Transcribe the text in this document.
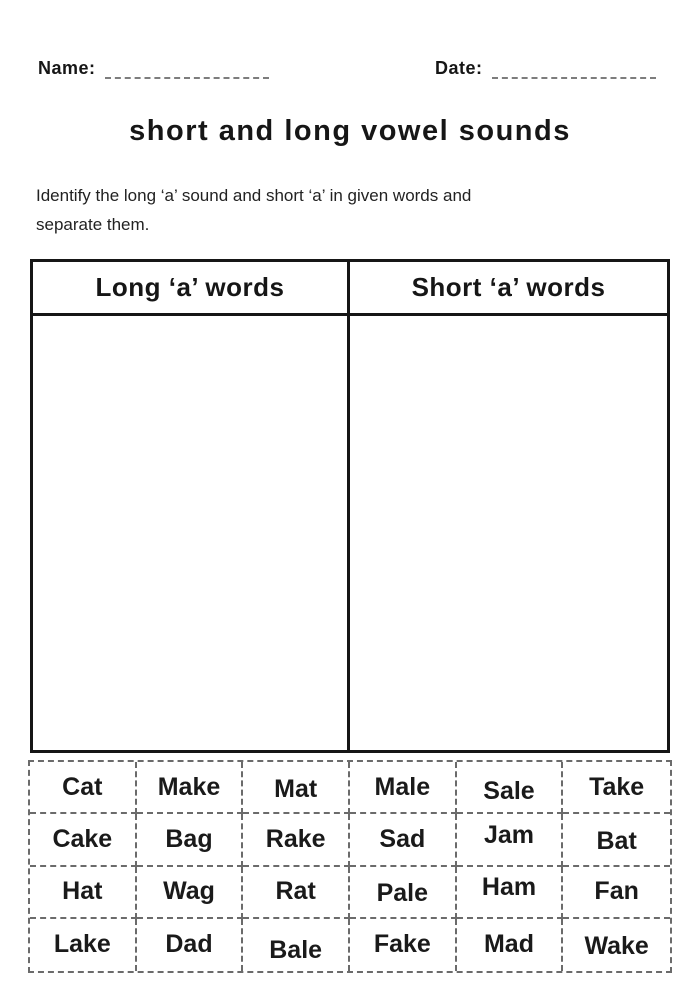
Name:	Date:
short and long vowel sounds
Identify the long ‘a’ sound and short ‘a’ in given words and
separate them.
Long ‘a’ words	Short ‘a’ words
Cat Make Mat Male Sale Take
Cake Bag Rake Sad Jam Bat
Hat Wag Rat Pale Ham Fan
Lake Dad Bale Fake Mad Wake
